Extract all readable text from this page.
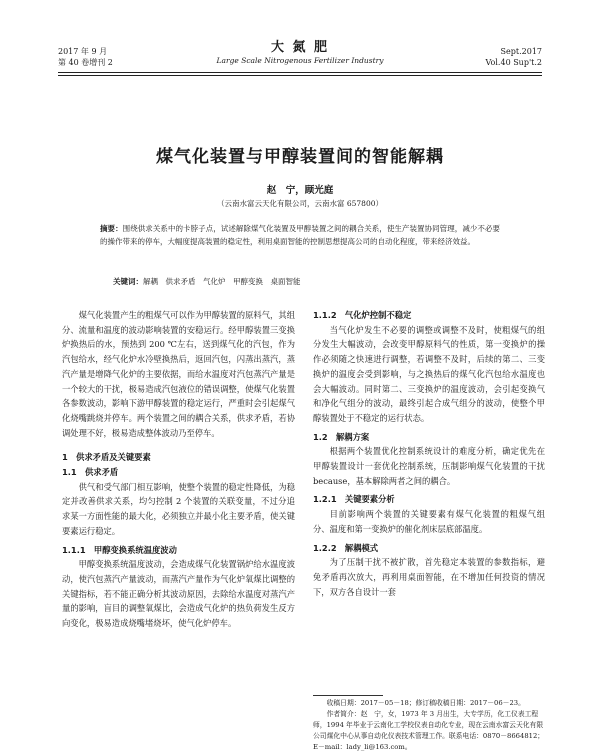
2017 年 9 月
第 40 卷增刊 2
大 氮 肥
Large Scale Nitrogenous Fertilizer Industry
Sept.2017
Vol.40 Sup't.2
煤气化装置与甲醇装置间的智能解耦
赵　宁，顾光庭
（云南水富云天化有限公司，云南水富 657800）
摘要：围绕供求关系中的卡脖子点，试述解除煤气化装置及甲醇装置之间的耦合关系，使生产装置协同管理，减少不必要的操作带来的停车，大幅度提高装置的稳定性，利用桌面智能的控制思想提高公司的自动化程度，带来经济效益。
关键词：解耦　供求矛盾　气化炉　甲醇变换　桌面智能

煤气化装置产生的粗煤气可以作为甲醇装置的原料气，其组分、流量和温度的波动影响装置的安稳运行。经甲醇装置三变换炉换热后的水，预热到 200 ℃左右，送到煤气化的汽包，作为汽包给水，经气化炉水冷壁换热后，返回汽包，闪蒸出蒸汽，蒸汽产量是增降气化炉的主要依据，而给水温度对汽包蒸汽产量是一个较大的干扰，极易造成汽包液位的错误调整，使煤气化装置各参数波动，影响下游甲醇装置的稳定运行，严重时会引起煤气化烧嘴跳烧并停车。两个装置之间的耦合关系，供求矛盾，若协调处理不好，极易造成整体波动乃至停车。

1　供求矛盾及关键要素
1.1　供求矛盾

供气和受气部门相互影响，使整个装置的稳定性降低，为稳定并改善供求关系，均匀控制 2 个装置的关联变量，不过分追求某一方面性能的最大化，必须独立并最小化主要矛盾，使关键要素运行稳定。

1.1.1　甲醇变换系统温度波动

甲醇变换系统温度波动，会造成煤气化装置锅炉给水温度波动，使汽包蒸汽产量波动，而蒸汽产量作为气化炉氧煤比调整的关键指标，若不能正确分析其波动原因，去除给水温度对蒸汽产量的影响，盲目的调整氧煤比，会造成气化炉的热负荷发生反方向变化，极易造成烧嘴堵烧坏，使气化炉停车。

1.1.2　气化炉控制不稳定

当气化炉发生不必要的调整或调整不及时，使粗煤气的组分发生大幅波动，会改变甲醇原料气的性质，第一变换炉的操作必须随之快速进行调整，若调整不及时，后续的第二、三变换炉的温度会受到影响，与之换热后的煤气化汽包给水温度也会大幅波动。同时第二、三变换炉的温度波动，会引起变换气和净化气组分的波动，最终引起合成气组分的波动，使整个甲醇装置处于不稳定的运行状态。

1.2　解耦方案

根据两个装置优化控制系统设计的难度分析，确定优先在甲醇装置设计一套优化控制系统，压制影响煤气化装置的干扰because，基本解除两者之间的耦合。

1.2.1　关键要素分析

目前影响两个装置的关键要素有煤气化装置的粗煤气组分、温度和第一变换炉的催化剂床层底部温度。

1.2.2　解耦模式

为了压制干扰不被扩散，首先稳定本装置的参数指标，避免矛盾再次放大，再利用桌面智能，在不增加任何投资的情况下，双方各自设计一套

收稿日期：2017－05－18；修订稿收稿日期：2017－06－23。

作者简介：赵　宁，女，1973 年 3 月出生，大专学历，化工仪表工程师，1994 年毕业于云南化工学校仪表自动化专业，现在云南水富云天化有限公司煤化中心从事自动化仪表技术管理工作。联系电话：0870－8664812；E－mail：lady_li@163.com。
